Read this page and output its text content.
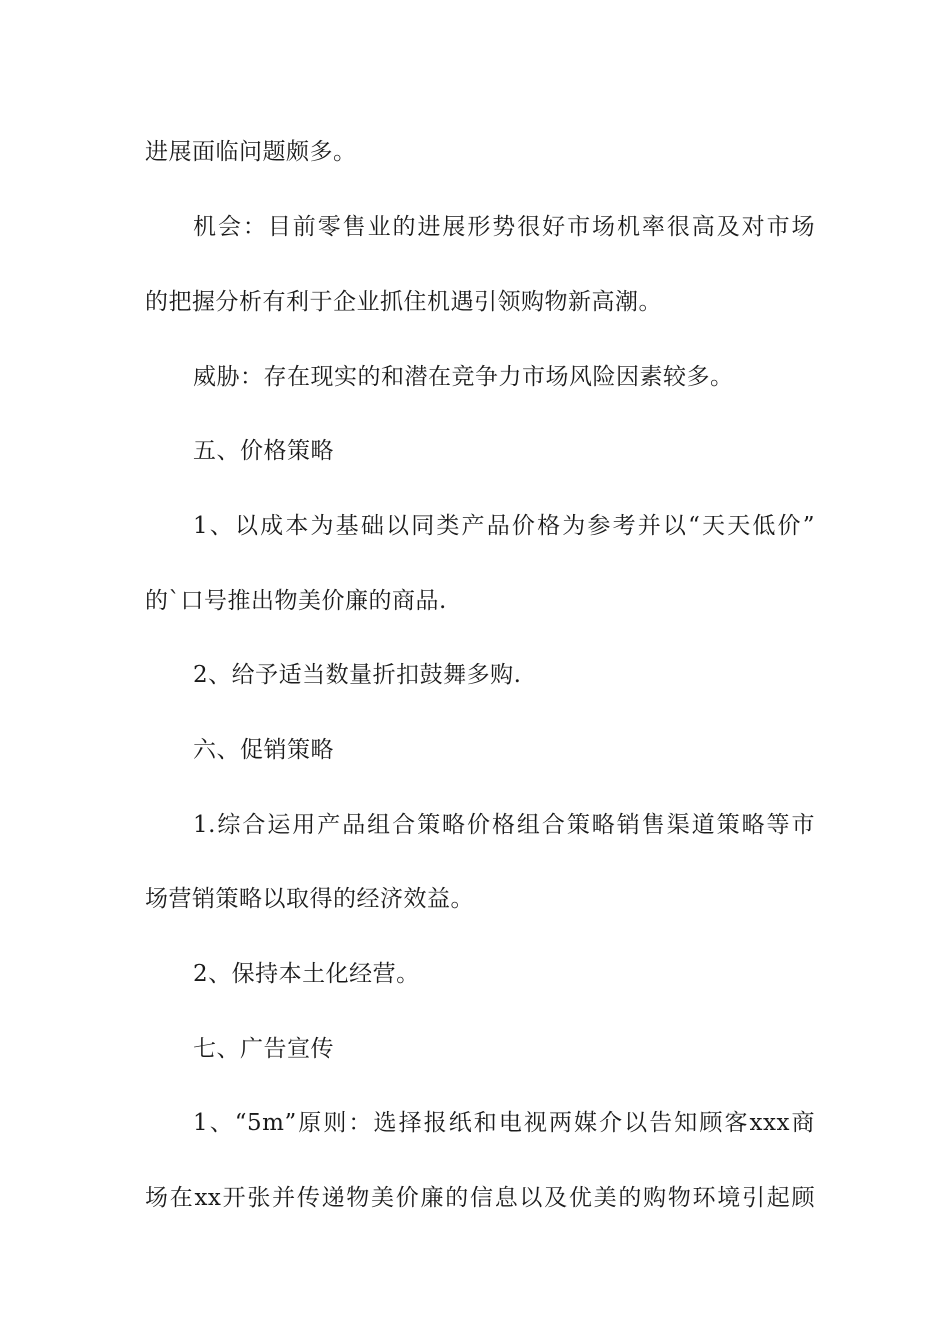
进展面临问题颇多。
机会：目前零售业的进展形势很好市场机率很高及对市场
的把握分析有利于企业抓住机遇引领购物新高潮。
威胁：存在现实的和潜在竞争力市场风险因素较多。
五、价格策略
1、以成本为基础以同类产品价格为参考并以“天天低价”
的`口号推出物美价廉的商品.
2、给予适当数量折扣鼓舞多购.
六、促销策略
1.综合运用产品组合策略价格组合策略销售渠道策略等市
场营销策略以取得的经济效益。
2、保持本土化经营。
七、广告宣传
1、“5m”原则：选择报纸和电视两媒介以告知顾客xxx商
场在xx开张并传递物美价廉的信息以及优美的购物环境引起顾
